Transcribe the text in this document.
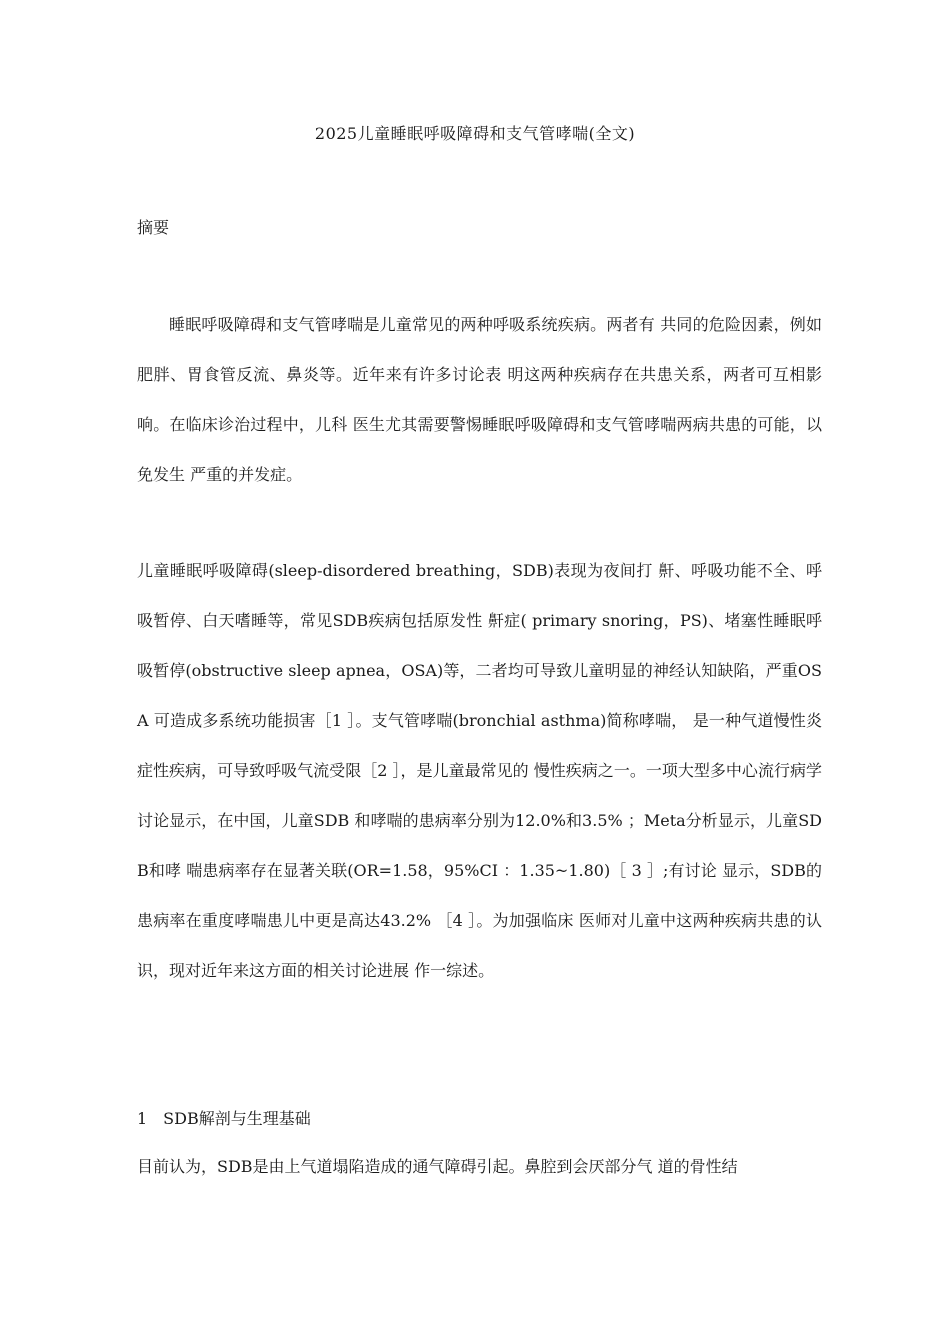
2025儿童睡眠呼吸障碍和支气管哮喘(全文)
摘要

睡眠呼吸障碍和支气管哮喘是儿童常见的两种呼吸系统疾病。两者有 共同的危险因素，例如肥胖、胃食管反流、鼻炎等。近年来有许多讨论表 明这两种疾病存在共患关系，两者可互相影响。在临床诊治过程中，儿科 医生尤其需要警惕睡眠呼吸障碍和支气管哮喘两病共患的可能，以免发生 严重的并发症。

儿童睡眠呼吸障碍(sleep-disordered breathing，SDB)表现为夜间打 鼾、呼吸功能不全、呼吸暂停、白天嗜睡等，常见SDB疾病包括原发性 鼾症( primary snoring，PS)、堵塞性睡眠呼吸暂停(obstructive sleep apnea，OSA)等，二者均可导致儿童明显的神经认知缺陷，严重OSA 可造成多系统功能损害［1 ］。支气管哮喘(bronchial asthma)简称哮喘， 是一种气道慢性炎症性疾病，可导致呼吸气流受限［2 ］，是儿童最常见的 慢性疾病之一。一项大型多中心流行病学讨论显示，在中国，儿童SDB 和哮喘的患病率分别为12.0%和3.5% ；Meta分析显示，儿童SDB和哮 喘患病率存在显著关联(OR=1.58，95%CI ：1.35~1.80)［ 3 ］;有讨论 显示，SDB的患病率在重度哮喘患儿中更是高达43.2% ［4 ］。为加强临床 医师对儿童中这两种疾病共患的认识，现对近年来这方面的相关讨论进展 作一综述。

1　SDB解剖与生理基础

目前认为，SDB是由上气道塌陷造成的通气障碍引起。鼻腔到会厌部分气 道的骨性结
